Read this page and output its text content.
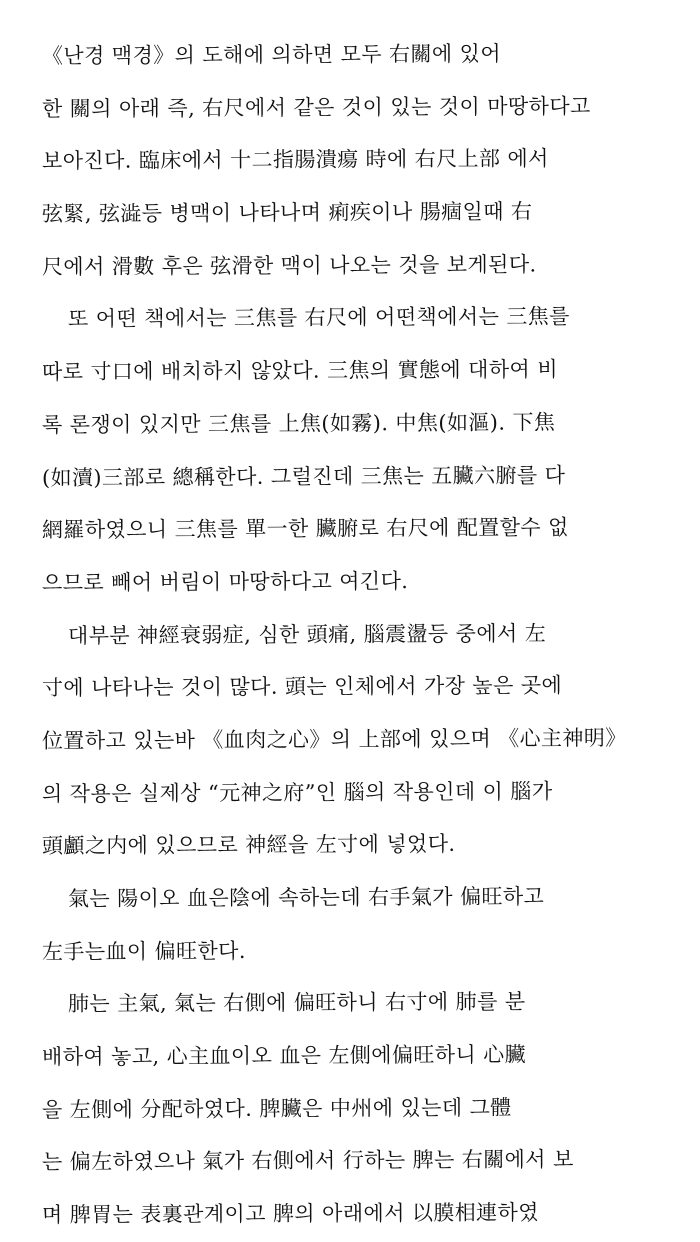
《난경 맥경》의 도해에 의하면 모두 右關에 있어
한 關의 아래 즉, 右尺에서 같은 것이 있는 것이 마땅하다고
보아진다. 臨床에서 十二指腸潰瘍 時에 右尺上部 에서
弦緊, 弦澁등 병맥이 나타나며 痢疾이나 腸痼일때 右
尺에서 滑數 후은 弦滑한 맥이 나오는 것을 보게된다.
또 어떤 책에서는 三焦를 右尺에 어떤책에서는 三焦를
따로 寸口에 배치하지 않았다. 三焦의 實態에 대하여 비
록 론쟁이 있지만 三焦를 上焦(如霧). 中焦(如漚). 下焦
(如瀆)三部로 總稱한다. 그럴진데 三焦는 五臟六腑를 다
網羅하였으니 三焦를 單一한 臟腑로 右尺에 配置할수 없
으므로 빼어 버림이 마땅하다고 여긴다.
대부분 神經衰弱症, 심한 頭痛, 腦震盪등 중에서 左
寸에 나타나는 것이 많다. 頭는 인체에서 가장 높은 곳에
位置하고 있는바 《血肉之心》의 上部에 있으며 《心主神明》
의 작용은 실제상 “元神之府”인 腦의 작용인데 이 腦가
頭顱之内에 있으므로 神經을 左寸에 넣었다.
氣는 陽이오 血은陰에 속하는데 右手氣가 偏旺하고
左手는血이 偏旺한다.
肺는 主氣, 氣는 右側에 偏旺하니 右寸에 肺를 분
배하여 놓고, 心主血이오 血은 左側에偏旺하니 心臟
을 左側에 分配하였다. 脾臟은 中州에 있는데 그體
는 偏左하였으나 氣가 右側에서 行하는 脾는 右關에서 보
며 脾胃는 表裏관계이고 脾의 아래에서 以膜相連하였
